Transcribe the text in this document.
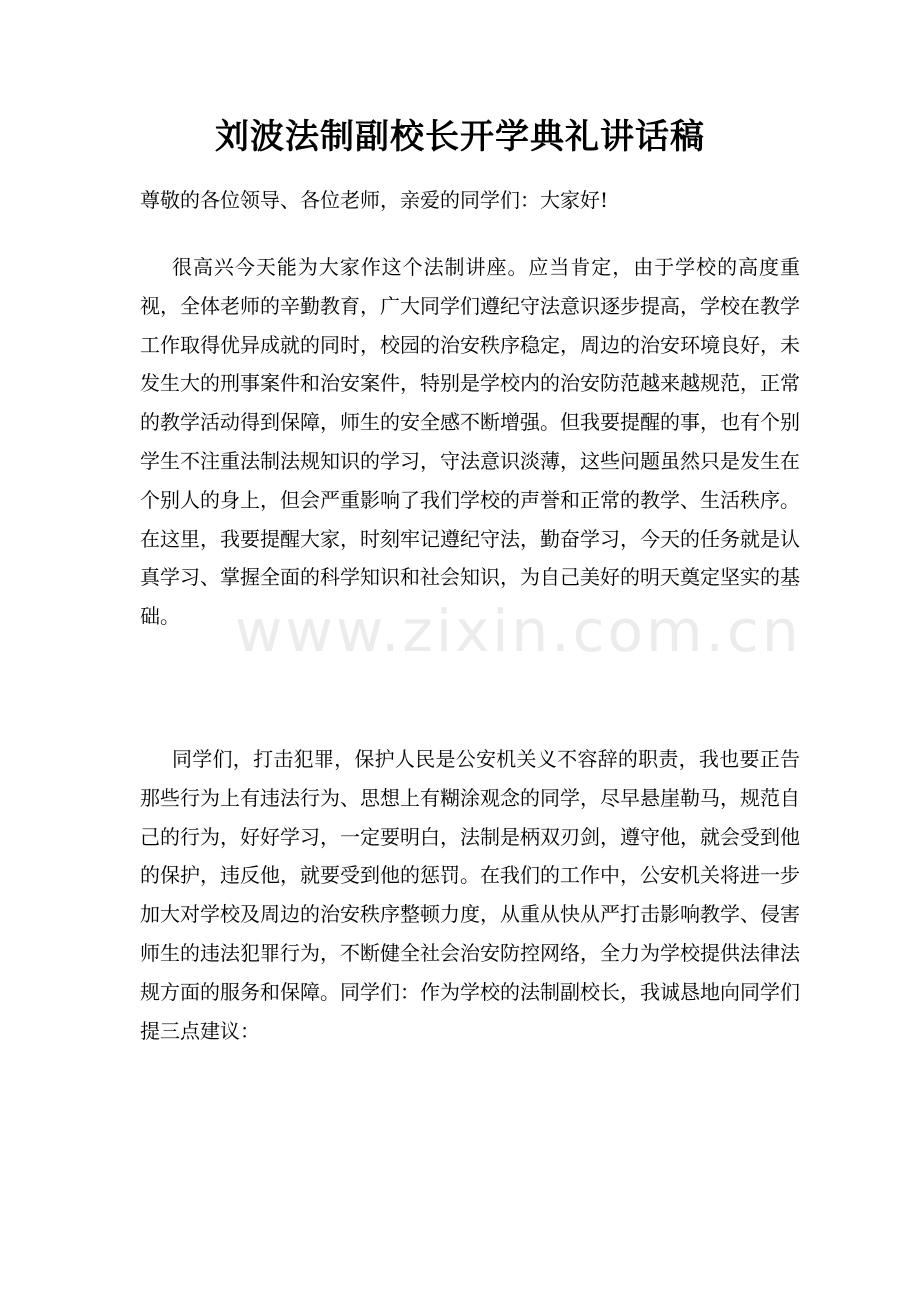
刘波法制副校长开学典礼讲话稿

尊敬的各位领导、各位老师，亲爱的同学们：大家好!

很高兴今天能为大家作这个法制讲座。应当肯定，由于学校的高度重视，全体老师的辛勤教育，广大同学们遵纪守法意识逐步提高，学校在教学工作取得优异成就的同时，校园的治安秩序稳定，周边的治安环境良好，未发生大的刑事案件和治安案件，特别是学校内的治安防范越来越规范，正常的教学活动得到保障，师生的安全感不断增强。但我要提醒的事，也有个别学生不注重法制法规知识的学习，守法意识淡薄，这些问题虽然只是发生在个别人的身上，但会严重影响了我们学校的声誉和正常的教学、生活秩序。在这里，我要提醒大家，时刻牢记遵纪守法，勤奋学习，今天的任务就是认真学习、掌握全面的科学知识和社会知识，为自己美好的明天奠定坚实的基础。

同学们，打击犯罪，保护人民是公安机关义不容辞的职责，我也要正告那些行为上有违法行为、思想上有糊涂观念的同学，尽早悬崖勒马，规范自己的行为，好好学习，一定要明白，法制是柄双刃剑，遵守他，就会受到他的保护，违反他，就要受到他的惩罚。在我们的工作中，公安机关将进一步加大对学校及周边的治安秩序整顿力度，从重从快从严打击影响教学、侵害师生的违法犯罪行为，不断健全社会治安防控网络，全力为学校提供法律法规方面的服务和保障。同学们：作为学校的法制副校长，我诚恳地向同学们提三点建议：

www.zixin.com.cn
